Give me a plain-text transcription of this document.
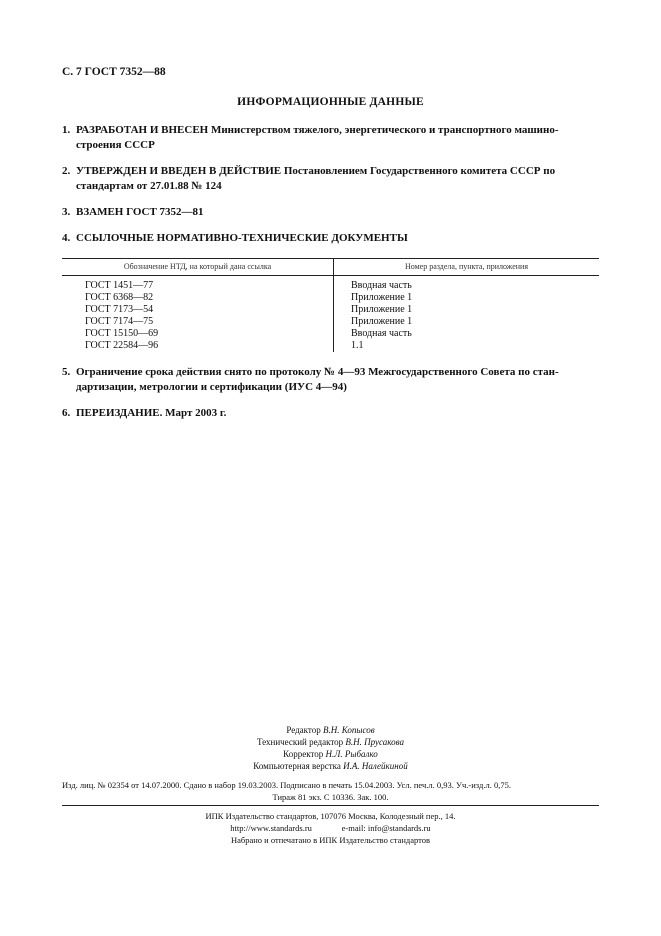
С. 7 ГОСТ 7352—88
ИНФОРМАЦИОННЫЕ ДАННЫЕ
1. РАЗРАБОТАН И ВНЕСЕН Министерством тяжелого, энергетического и транспортного машино-
строения СССР
2. УТВЕРЖДЕН И ВВЕДЕН В ДЕЙСТВИЕ Постановлением Государственного комитета СССР по
стандартам от 27.01.88 № 124
3. ВЗАМЕН ГОСТ 7352—81
4. ССЫЛОЧНЫЕ НОРМАТИВНО-ТЕХНИЧЕСКИЕ ДОКУМЕНТЫ
Обозначение НТД, на который дана ссылка	Номер раздела, пункта, приложения
ГОСТ 1451—77
ГОСТ 6368—82
ГОСТ 7173—54
ГОСТ 7174—75
ГОСТ 15150—69
ГОСТ 22584—96
Вводная часть
Приложение 1
Приложение 1
Приложение 1
Вводная часть
1.1
5. Ограничение срока действия снято по протоколу № 4—93 Межгосударственного Совета по стан-
дартизации, метрологии и сертификации (ИУС 4—94)
6. ПЕРЕИЗДАНИЕ. Март 2003 г.
Редактор В.Н. Копысов
Технический редактор В.Н. Прусакова
Корректор Н.Л. Рыбалко
Компьютерная верстка И.А. Налейкиной
Изд. лиц. № 02354 от 14.07.2000. Сдано в набор 19.03.2003. Подписано в печать 15.04.2003. Усл. печ.л. 0,93. Уч.-изд.л. 0,75.
Тираж 81 экз. С 10336. Зак. 100.
ИПК Издательство стандартов, 107076 Москва, Колодезный пер., 14.
http://www.standards.ru	e-mail: info@standards.ru
Набрано и отпечатано в ИПК Издательство стандартов
